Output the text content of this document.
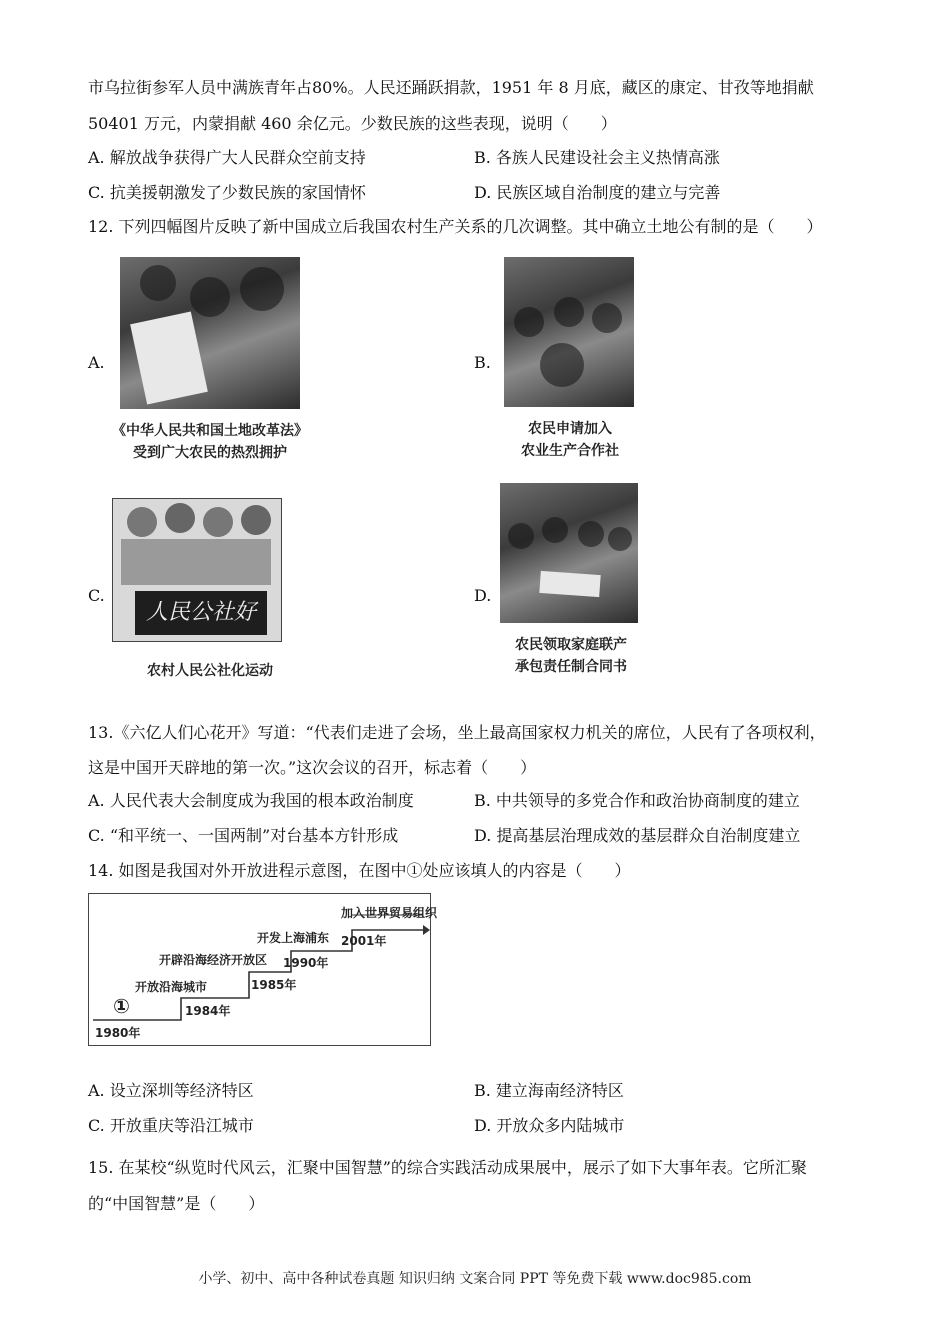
市乌拉街参军人员中满族青年占80%。人民还踊跃捐款，1951 年 8 月底，藏区的康定、甘孜等地捐献
50401 万元，内蒙捐献 460 余亿元。少数民族的这些表现，说明（　　）
A. 解放战争获得广大人民群众空前支持	B. 各族人民建设社会主义热情高涨
C. 抗美援朝激发了少数民族的家国情怀	D. 民族区域自治制度的建立与完善
12. 下列四幅图片反映了新中国成立后我国农村生产关系的几次调整。其中确立土地公有制的是（　　）
A.
《中华人民共和国土地改革法》
受到广大农民的热烈拥护
B.
农民申请加入
农业生产合作社
C.
人民公社好
农村人民公社化运动
D.
农民领取家庭联产
承包责任制合同书
13.《六亿人们心花开》写道：“代表们走进了会场，坐上最高国家权力机关的席位，人民有了各项权利，
这是中国开天辟地的第一次。”这次会议的召开，标志着（　　）
A. 人民代表大会制度成为我国的根本政治制度	B. 中共领导的多党合作和政治协商制度的建立
C. “和平统一、一国两制”对台基本方针形成	D. 提高基层治理成效的基层群众自治制度建立
14. 如图是我国对外开放进程示意图，在图中①处应该填人的内容是（　　）
①
1980年
开放沿海城市
1984年
开辟沿海经济开放区
1985年
开发上海浦东
1990年
加入世界贸易组织
2001年
A. 设立深圳等经济特区	B. 建立海南经济特区
C. 开放重庆等沿江城市	D. 开放众多内陆城市
15. 在某校“纵览时代风云，汇聚中国智慧”的综合实践活动成果展中，展示了如下大事年表。它所汇聚
的“中国智慧”是（　　）
小学、初中、高中各种试卷真题 知识归纳 文案合同 PPT 等免费下载 www.doc985.com
